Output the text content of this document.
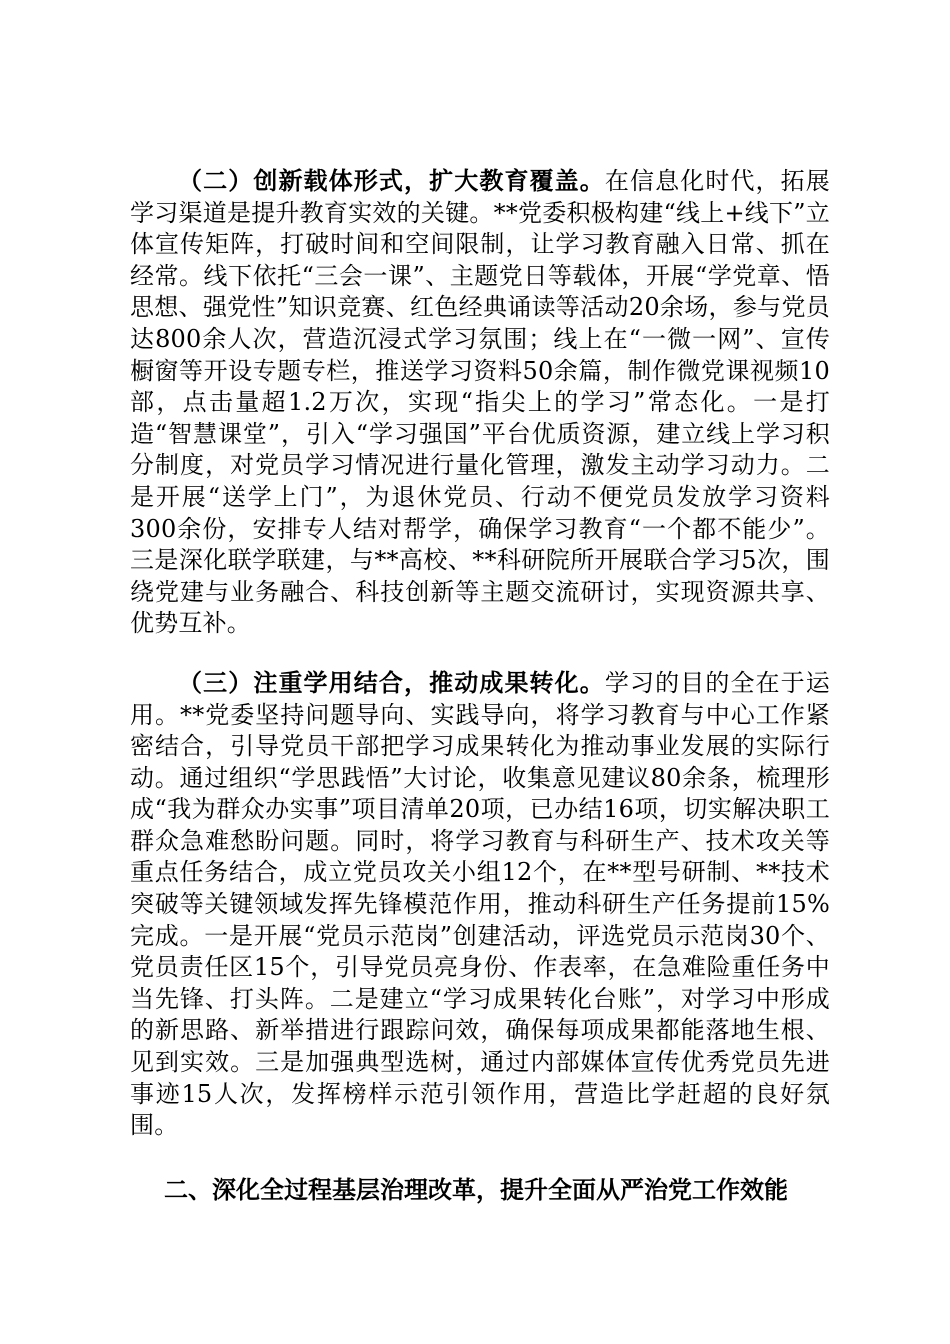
（二）创新载体形式，扩大教育覆盖。在信息化时代，拓展学习渠道是提升教育实效的关键。**党委积极构建“线上+线下”立体宣传矩阵，打破时间和空间限制，让学习教育融入日常、抓在经常。线下依托“三会一课”、主题党日等载体，开展“学党章、悟思想、强党性”知识竞赛、红色经典诵读等活动20余场，参与党员达800余人次，营造沉浸式学习氛围；线上在“一微一网”、宣传橱窗等开设专题专栏，推送学习资料50余篇，制作微党课视频10部，点击量超1.2万次，实现“指尖上的学习”常态化。一是打造“智慧课堂”，引入“学习强国”平台优质资源，建立线上学习积分制度，对党员学习情况进行量化管理，激发主动学习动力。二是开展“送学上门”，为退休党员、行动不便党员发放学习资料300余份，安排专人结对帮学，确保学习教育“一个都不能少”。三是深化联学联建，与**高校、**科研院所开展联合学习5次，围绕党建与业务融合、科技创新等主题交流研讨，实现资源共享、优势互补。

（三）注重学用结合，推动成果转化。学习的目的全在于运用。**党委坚持问题导向、实践导向，将学习教育与中心工作紧密结合，引导党员干部把学习成果转化为推动事业发展的实际行动。通过组织“学思践悟”大讨论，收集意见建议80余条，梳理形成“我为群众办实事”项目清单20项，已办结16项，切实解决职工群众急难愁盼问题。同时，将学习教育与科研生产、技术攻关等重点任务结合，成立党员攻关小组12个，在**型号研制、**技术突破等关键领域发挥先锋模范作用，推动科研生产任务提前15%完成。一是开展“党员示范岗”创建活动，评选党员示范岗30个、党员责任区15个，引导党员亮身份、作表率，在急难险重任务中当先锋、打头阵。二是建立“学习成果转化台账”，对学习中形成的新思路、新举措进行跟踪问效，确保每项成果都能落地生根、见到实效。三是加强典型选树，通过内部媒体宣传优秀党员先进事迹15人次，发挥榜样示范引领作用，营造比学赶超的良好氛围。

二、深化全过程基层治理改革，提升全面从严治党工作效能
